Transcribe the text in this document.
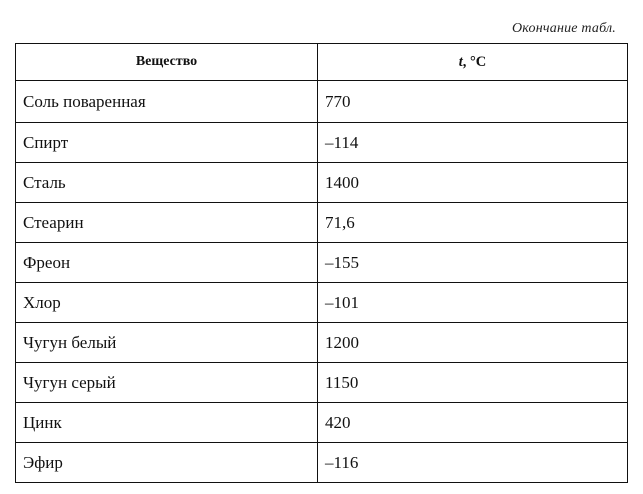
Окончание табл.
Вещество	t, °C
Соль поваренная	770
Спирт	–114
Сталь	1400
Стеарин	71,6
Фреон	–155
Хлор	–101
Чугун белый	1200
Чугун серый	1150
Цинк	420
Эфир	–116
